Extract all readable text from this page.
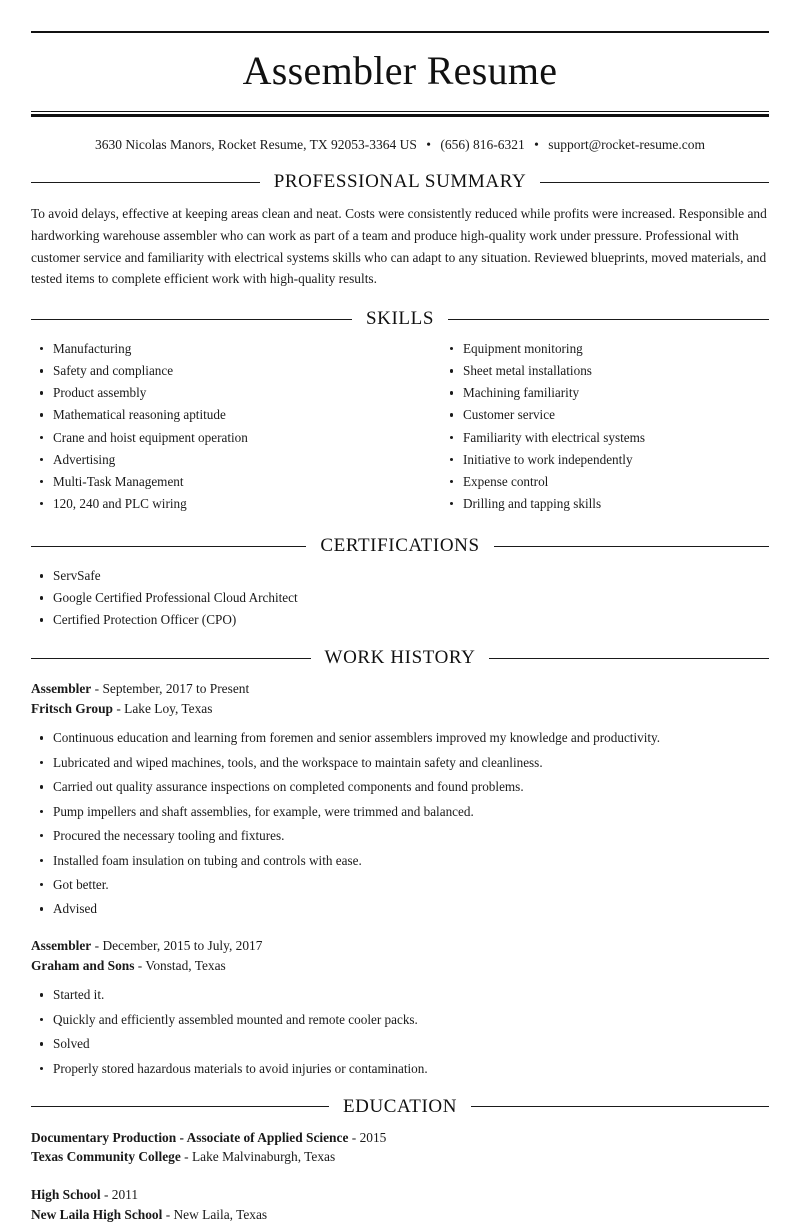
Assembler Resume
3630 Nicolas Manors, Rocket Resume, TX 92053-3364 US • (656) 816-6321 • support@rocket-resume.com
PROFESSIONAL SUMMARY

To avoid delays, effective at keeping areas clean and neat. Costs were consistently reduced while profits were increased. Responsible and hardworking warehouse assembler who can work as part of a team and produce high-quality work under pressure. Professional with customer service and familiarity with electrical systems skills who can adapt to any situation. Reviewed blueprints, moved materials, and tested items to complete efficient work with high-quality results.

SKILLS
Manufacturing
Safety and compliance
Product assembly
Mathematical reasoning aptitude
Crane and hoist equipment operation
Advertising
Multi-Task Management
120, 240 and PLC wiring
Equipment monitoring
Sheet metal installations
Machining familiarity
Customer service
Familiarity with electrical systems
Initiative to work independently
Expense control
Drilling and tapping skills
CERTIFICATIONS
ServSafe
Google Certified Professional Cloud Architect
Certified Protection Officer (CPO)
WORK HISTORY
Assembler - September, 2017 to Present
Fritsch Group - Lake Loy, Texas
Continuous education and learning from foremen and senior assemblers improved my knowledge and productivity.
Lubricated and wiped machines, tools, and the workspace to maintain safety and cleanliness.
Carried out quality assurance inspections on completed components and found problems.
Pump impellers and shaft assemblies, for example, were trimmed and balanced.
Procured the necessary tooling and fixtures.
Installed foam insulation on tubing and controls with ease.
Got better.
Advised
Assembler - December, 2015 to July, 2017
Graham and Sons - Vonstad, Texas
Started it.
Quickly and efficiently assembled mounted and remote cooler packs.
Solved
Properly stored hazardous materials to avoid injuries or contamination.
EDUCATION
Documentary Production - Associate of Applied Science - 2015
Texas Community College - Lake Malvinaburgh, Texas
High School - 2011
New Laila High School - New Laila, Texas
